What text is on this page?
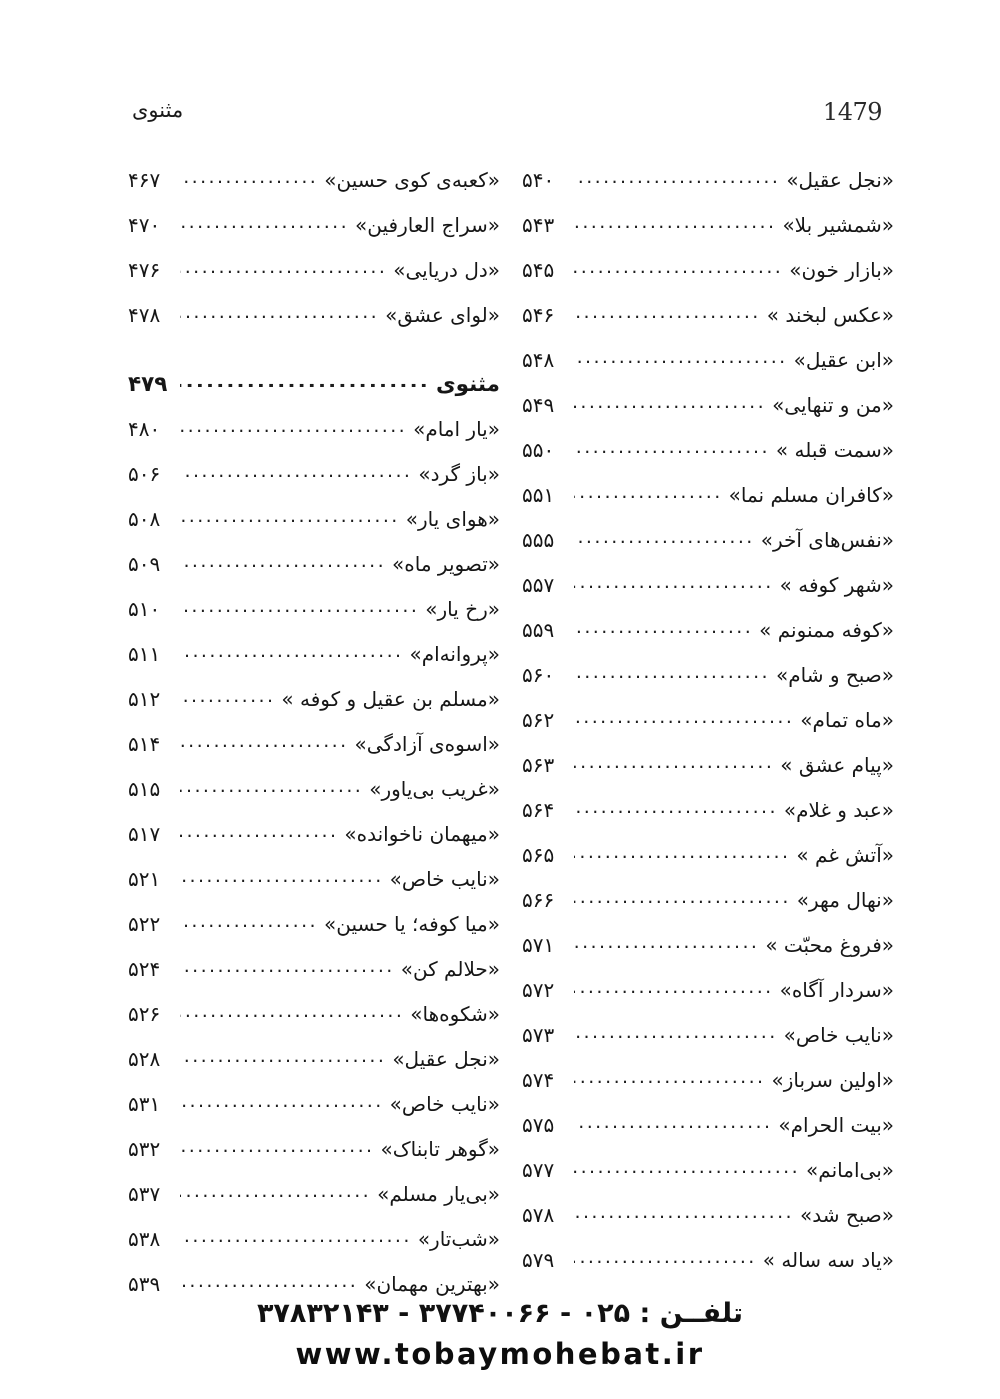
مثنوی	1479
«کعبه‌ی کوی حسین»
.....
۴۶۷
«سراج العارفین»
.....
۴۷۰
«دل دریایی»
.....
۴۷۶
«لوای عشق»
.....
۴۷۸
مثنوی
.....
۴۷۹
«یار امام»
.....
۴۸۰
«باز گرد»
.....
۵۰۶
«هوای یار»
.....
۵۰۸
«تصویر ماه»
.....
۵۰۹
«رخ یار»
.....
۵۱۰
«پروانه‌ام»
.....
۵۱۱
«مسلم بن عقیل و کوفه »
.....
۵۱۲
«اسوه‌ی آزادگی»
.....
۵۱۴
«غریب بی‌یاور»
.....
۵۱۵
«میهمان ناخوانده»
.....
۵۱۷
«نایب خاص»
.....
۵۲۱
«میا کوفه؛ یا حسین»
.....
۵۲۲
«حلالم کن»
.....
۵۲۴
«شکوه‌ها»
.....
۵۲۶
«نجل عقیل»
.....
۵۲۸
«نایب خاص»
.....
۵۳۱
«گوهر تابناک»
.....
۵۳۲
«بی‌یار مسلم»
.....
۵۳۷
«شب‌تار»
.....
۵۳۸
«بهترین مهمان»
.....
۵۳۹
«نجل عقیل»
.....
۵۴۰
«شمشیر بلا»
.....
۵۴۳
«بازار خون»
.....
۵۴۵
«عکس لبخند »
.....
۵۴۶
«ابن عقیل»
.....
۵۴۸
«من و تنهایی»
.....
۵۴۹
«سمت قبله »
.....
۵۵۰
«کافران مسلم نما»
.....
۵۵۱
«نفس‌های آخر»
.....
۵۵۵
«شهر کوفه »
.....
۵۵۷
«کوفه ممنونم »
.....
۵۵۹
«صبح و شام»
.....
۵۶۰
«ماه تمام»
.....
۵۶۲
«پیام عشق »
.....
۵۶۳
«عبد و غلام»
.....
۵۶۴
«آتش غم »
.....
۵۶۵
«نهال مهر»
.....
۵۶۶
«فروغ محبّت »
.....
۵۷۱
«سردار آگاه»
.....
۵۷۲
«نایب خاص»
.....
۵۷۳
«اولین سرباز»
.....
۵۷۴
«بیت الحرام»
.....
۵۷۵
«بی‌امانم»
.....
۵۷۷
«صبح شد»
.....
۵۷۸
«یاد سه ساله »
.....
۵۷۹
تلفــن : ۰۲۵ - ۳۷۷۴۰۰۶۶ - ۳۷۸۳۲۱۴۳
www.tobaymohebat.ir
